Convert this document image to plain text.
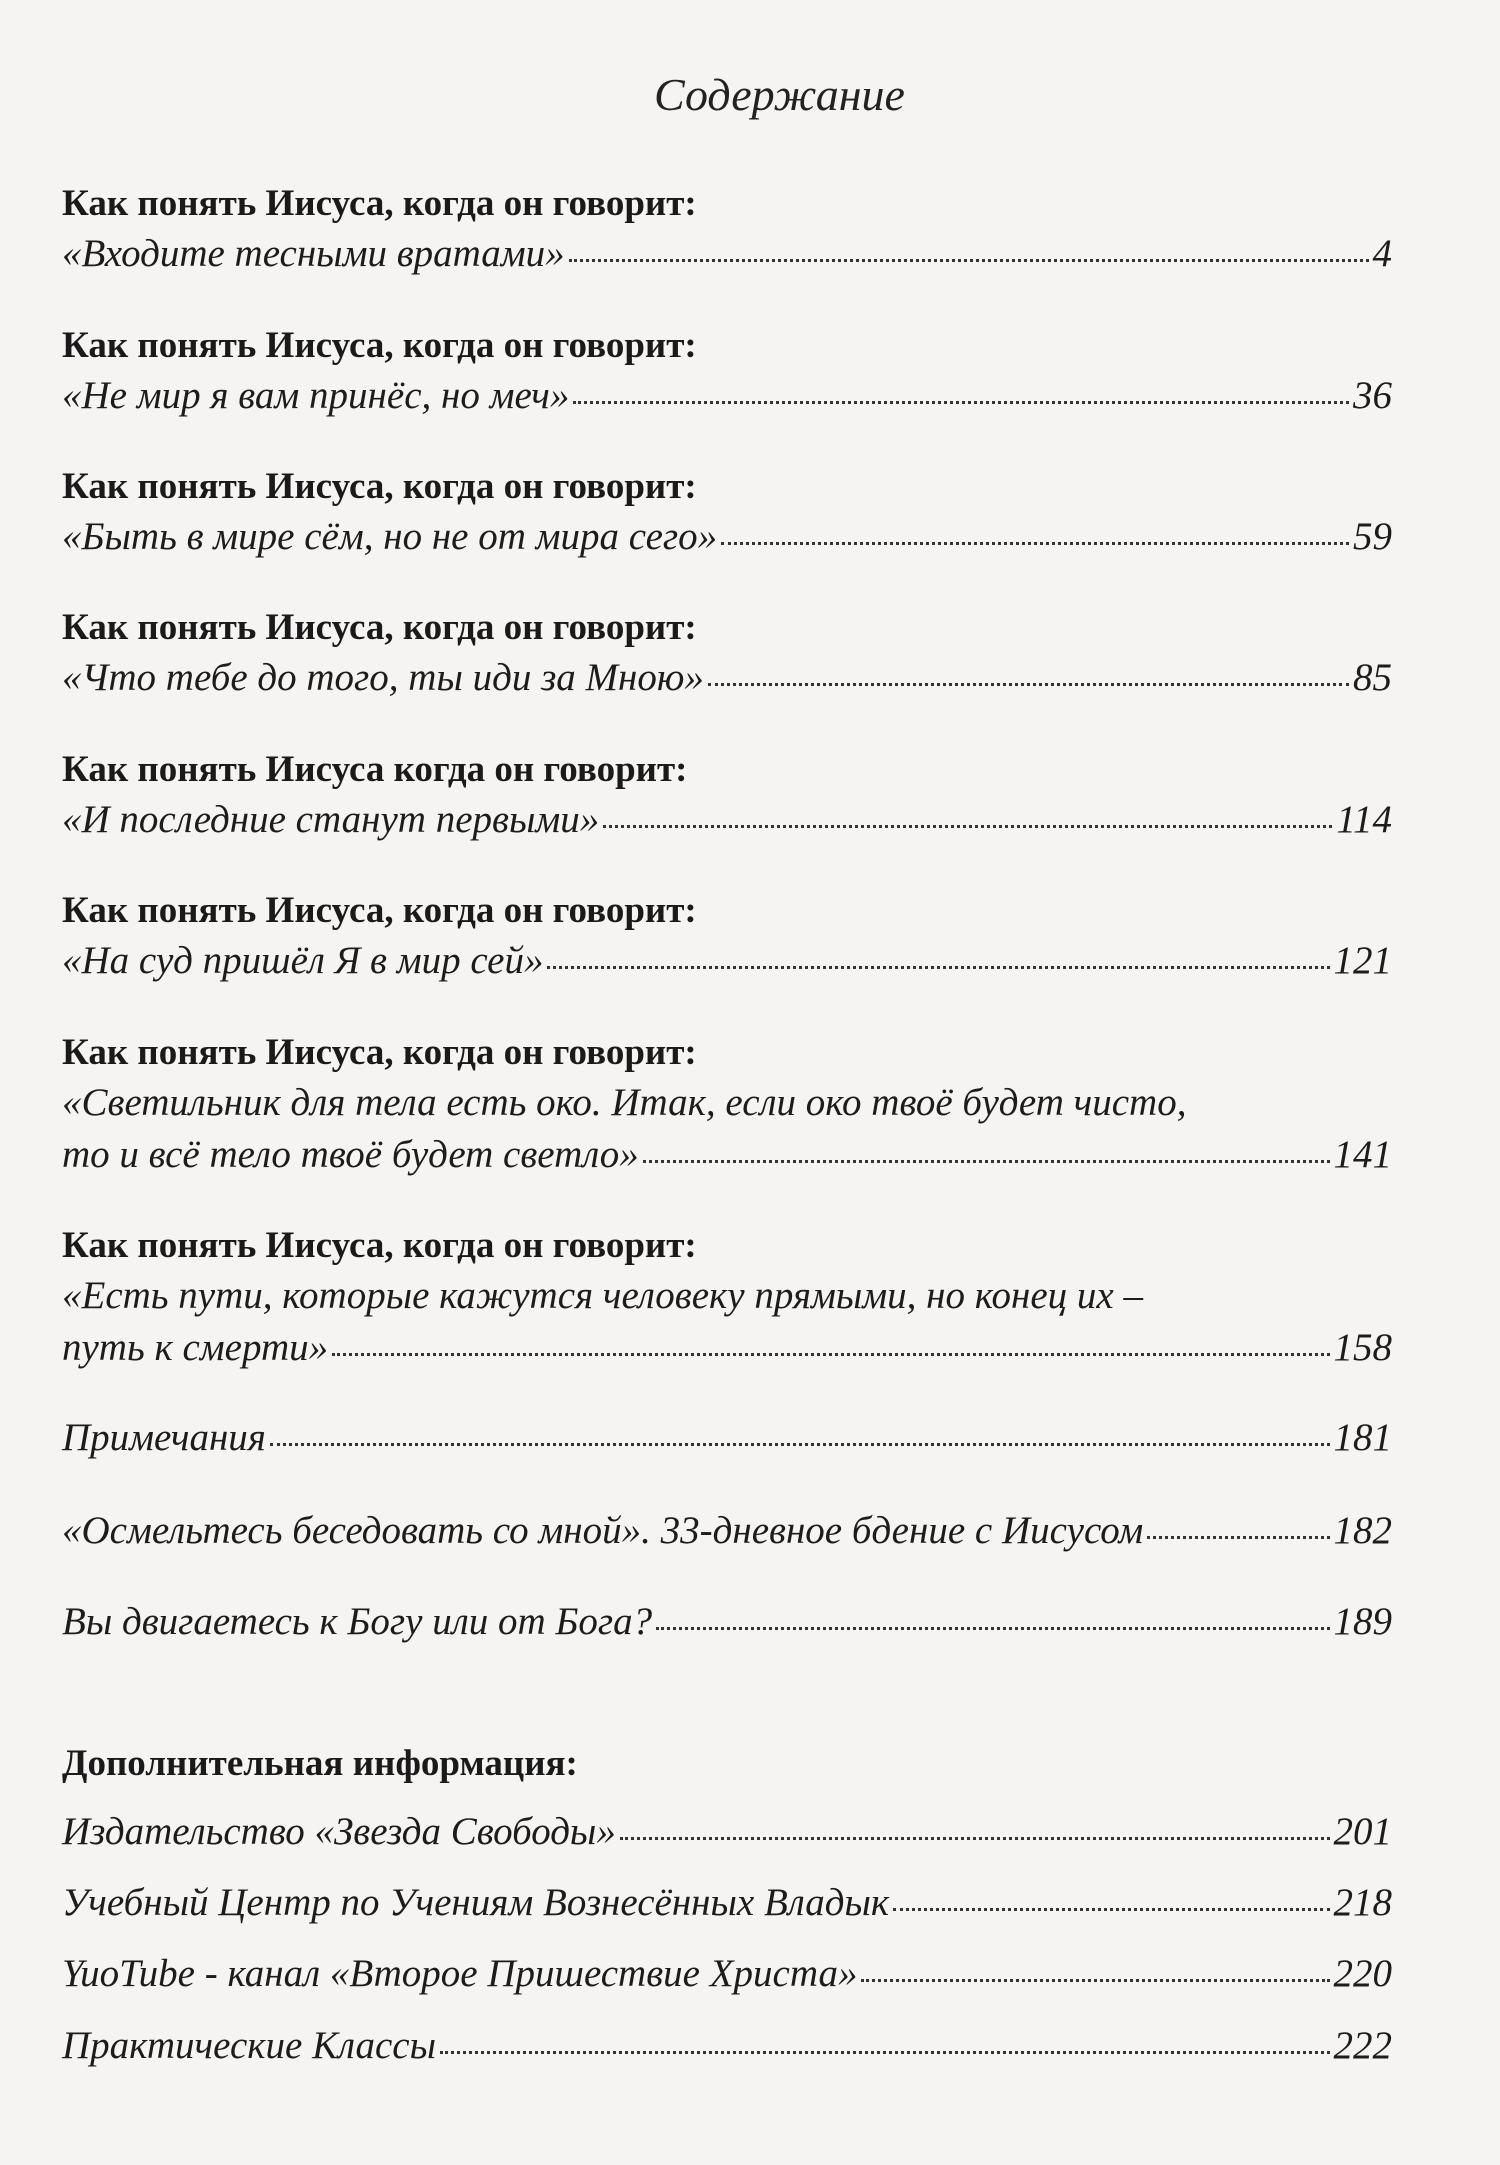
Содержание
Как понять Иисуса, когда он говорит:
«Входите тесными вратами»	4
Как понять Иисуса, когда он говорит:
«Не мир я вам принёс, но меч»	36
Как понять Иисуса, когда он говорит:
«Быть в мире сём, но не от мира сего»	59
Как понять Иисуса, когда он говорит:
«Что тебе до того, ты иди за Мною»	85
Как понять Иисуса когда он говорит:
«И последние станут первыми»	114
Как понять Иисуса, когда он говорит:
«На суд пришёл Я в мир сей»	121
Как понять Иисуса, когда он говорит:
«Светильник для тела есть око. Итак, если око твоё будет чисто,
то и всё тело твоё будет светло»	141
Как понять Иисуса, когда он говорит:
«Есть пути, которые кажутся человеку прямыми, но конец их –
путь к смерти»	158
Примечания	181
«Осмельтесь беседовать со мной». 33-дневное бдение с Иисусом	182
Вы двигаетесь к Богу или от Бога?	189
Дополнительная информация:
Издательство «Звезда Свободы»	201
Учебный Центр по Учениям Вознесённых Владык	218
YuoTube - канал «Второе Пришествие Христа»	220
Практические Классы	222
